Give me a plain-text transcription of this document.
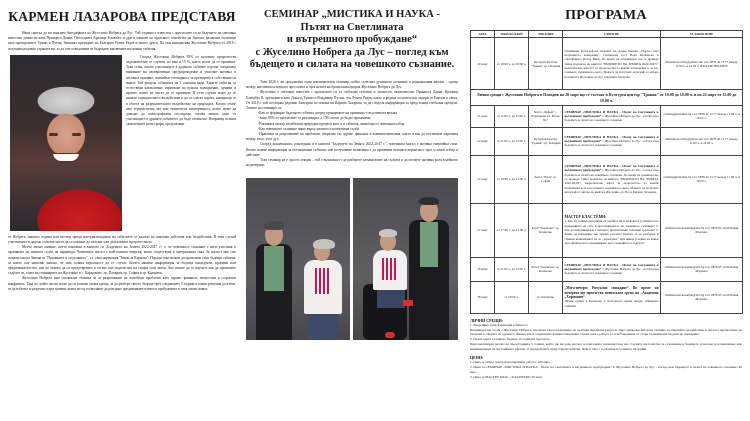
КАРМЕН ЛАЗАРОВА ПРЕДСТАВЯ

Няма смисъл да ви описвам биографията на Жуселино Нобрега да Лус. Той отдавна е известен с прогнозите си за бъдещето на световно известни личности като Принцеса Даяна, Последната Кралица Елизабет и други членове на кралското семейство на Англия, различни политици като президентите Тръмп и Путин, бившият президент на България Румен Радев и много други. По моя инициатива Жуселино Нобрега от 2018 г посещава редовно страната ни, за да сме осведомени за бъдещите изключително важни събития.

Според Жуселино Нобрега 85% от неговите пророчества задължително се случват, но има и 15 %, които могат да се променят. Това става, когато участниците в даденото събитие отделят специално внимание на своевременно предупреждение и участват активно в неговата промяна, поемайки отговорност за промените в собствения си живот. Той разделя събитията на 2 основни вида. Едните събития са естествени катаклизми: изригване на вулкан, наводнение, цунами и прочие, които не могат да се променят. В тези случаи може да се намали отрицателното въздействие и да се спасят хората, намиращи се в обсега на разрушителното въздействие на природата. Когато обаче има терористичен акт или техническа неизправност, които може да доведат до катастрофални последици, тогава зависи само от участниците в драмата събитието да бъде отменено. Например всички самолетните катастрофи, предсказани

от Нобрега, няколко години или месеци преди материализацията на събитието се дължат на човешки действия или бездействия. В този случай участниците в дадено събитие могат да се откажат да пътуват или да изпълнят пророчеството.

Моето лично мнение, което изказвам в книгата си „Бъдещето на Земята 2022-2047 г.“ е, че човешкото съзнание с неги участник в промяната на личната съдба на индивида. Човешката мисъл е най-силната енергия, която съществува в материалния свят. За жалост ние сме подвластни на Закона за "Причината и следствието", т.е. така наречения "Закон за Кармата". Поради това можем да променим само бъдещи събития, за които сме напълно наясно, че има голяма вероятност да се случат. Когато нямаме информация за бъдещи инциденти, промени или предизвикателства, ние не можем да ги предотвратим и тогава сме подвластни на същия този закон. Ако искате да се научите как да промените съдбата си, елате на семинарите на Жуселино в с. Караджово, гр. Пловдив, гр. София и гр. Казанлък.

Жуселино Нобрега има специална техника за за разрешаване на житейски проблеми като здраве, финанси, личностни и социални конфликти. Така че, който желае може да си запише лична среща, за да разбере своето бъдеще през следващите 5 години и какви решения да вземе, за да избегне и разреши стари травми, които не му позволяват да разгърне предизвикателствата в пробудените в своя личен живот.

СЕМИНАР „МИСТИКА И НАУКА -
Пътят на Светлината
и вътрешното пробуждане“
с Жуселино Нобрега да Лус – поглед към
бъдещето и силата на човешкото съзнание.

Тази 2026 г. ви предлагаме един изключителен семинар, който съчетава духовното познание и рационалния анализ – среща между мистиката и науката чрез опита и прогнозите на бразилския пророк Жуселино Нобрега да Лус.

Жуселино е световно известен с прогнозите си за глобални събития и личности, включително Принцеса Даяна, Кралица Елизабет II, президенти като Доналд Тръмп и Владимир Путин, ген. Румен Радев, както и редица политически лидери от Европа и света. От 2018 г. той посещава редовно България по покана на Кармен Лазарова, за да споделя информация за предстоящи глобални процеси. Темите на семинара са:

-Как се формират бъдещите събития според принципите на причинно-следствената връзка

-Защо 85% от прогнозите се реализират, а 15% могат да бъдат променени

-Разликата между неизбежни природни процеси като и и събития, зависещи от човешкия избор

-Как човешкото съзнание пише върху личната и колективна съдба

-Практики за разрешаване на проблеми, свързани със здраве, финанси и взаимоотношения, както и как да постигнем хармония между тяло, ум и дух.

Според концепцията, разгледана и в книгата "Бъдещето на Земята 2022–2047 г.", човешката мисъл е активна енергийна сила. Когато имаме информация за потенциални събития, ние получаваме възможност да променим неговата вероятност чрез осъзнат избор и действие.

Този семинар не е просто лекция – той е възможност да разберете механизмите на съдбата и да поемете активна роля в нейното моделиране.

ПРОГРАМА
ДАТА	НАЧАЛО-КРАЙ	ЛОКАЦИЯ	СЪБИТИЕ	ЗА ЗАПИСВАНЕ
20 март	от 18:00 ч. до 20:00 ч.	Културен Център "Тракия" гр. Пловдив	Откриване фотографска изложба на Донка Кирова „Портал към вътрешното измерение“. Специален гост Валя Балканска и саксофонист Петър Вион. По време на откриването ще се проведе тайна подписка на книгата "БЪДЕЩЕТО НА ЗЕМЯТА 2022-2047г" включително картата за пророчества за важни катаклизми и за по-големите държави на света. Можете да получите автограф от автора на книгата Жуселино да Лус и Кармен Лазарова.	zhuslani.plovdiv@gmail.com тел: 0878 42 13 77 между 11.00 ч. и 16.00 ч. ВХОД БЕЗПЛАТЕН
Лични срещи с Жуселино Нобрега в Пловдив на 20 март ще се състоят в Културен център "Тракия" от 10.00 до 18.00 ч. и на 22 март от 15.00 до 18.00 ч.				
21 март	от 11:00 ч. до 15:00 ч.	Хотел „Орфей“ с. Караджово ул. Втора №7	СЕМИНАР „МИСТИКА И НАУКА - Пътят на Светлината и вътрешното пробуждане“ с Жуселино Нобрега да Лус - поглед към бъдещето и силата на човешкото съзнание.	carmen@globalnet.bg тел: 0878 42 13 77 между 11.00 ч. и 16.00 ч.
22 март	от 11:00 ч. до 15:00 ч.	Културен Център "Тракия", гр. Пловдив	СЕМИНАР „МИСТИКА И НАУКА - Пътят на Светлината и вътрешното пробуждане“ с Жуселино Нобрега да Лус - поглед към бъдещето и силата на човешкото съзнание.	zhuslani.plovdiv@gmail.com тел: 0878 42 13 77 между 11.00 ч. и 16.00 ч.
24 март	от 18:30 ч. до 21:00 ч.	Хотел "Рила" гр. София	СЕМИНАР „МИСТИКА И НАУКА - Пътят на Светлината и вътрешното пробуждане“ с Жуселино Нобрега да Лус - поглед към бъдещето и силата на човешкото съзнание. По време на семинара ще се проведе тайна подписка на книгата "БЪДЕЩЕТО НА ЗЕМЯТА 2022-2047г", включително карта за пророчества за важни катаклизми и за по-големите държави на света. Можете да получите автограф от автора на книгата Жуселино да Лус и Кармен Лазарова.	carmen@globalnet.bg тел: 0878 42 13 77 между 11.00 ч. и 16.00 ч.
27 март	от 17:00 ч. до 21:00 ч.	Клуб "Хоризонт" гр. Казанлък	МАСТЕР КЛАС ТЕМИ:
1. Как да развием интуиция си дарбите ни и изпреки в успешната на превенцията на себе и прогнозирането на човешкото съзнание? 2. Как да комуникираме с висшето предсказание съзнание и ангели? 3. Какво да направим, ако чуваме гласове? Кратко, за да разберем и сменим концепцията си за „зараждане“ при някои условия на извън тяло физическото преживяване чрез съзнанието в съдбата?	clubhorizont.kazanlak@abv.bg тел: 0878 95 14 66 Юлия Мърчева
28 март	от 11:00 ч. до 15:00 ч.	Хотел "Казанлък" гр. Казанлък	СЕМИНАР „МИСТИКА И НАУКА - Пътят на Светлината и вътрешното пробуждане“ С Жуселино Нобрега да Лус - поглед към бъдещето и силата на човешкото съзнание.	clubhorizont.kazanlak@abv.bg тел: 0878 95 14 66 Юлия Мърчева
28 март	от 19:00 ч.	гр. Казанлък	„Мега-вечеря: Ритуално свиждане“ По време на вечерята ще присъства певческата група на „Академия „Хармония“.
Лични срещи в Казанлък в свободното време между обявените събития.	clubhorizont.kazanlak@abv.bg тел: 0878 95 14 66 Юлия Мърчева
ЛИЧНИ СРЕЩИ:

1. Енергийна трансформация в бизнеса:

Индивидуална сесия с Жуселино Нобрега, насочена към разрешаване на дълбоки житейски въпроси. Чрез уникална авторска техника за енергийно въздействие и чистота пречистване на блокажи в сферата на здравето, финансите и социалните взаимоотношения. Освен това е работа за освобождаване от стари травматични модели на поведение.

2. Пътна карта за вашето бъдеще 15-годишна прогноза:

Персонализиран анализ на предстоящите 5 години, който ще ви даде насока за ключовите решения пред вас. Сесията ще помогне за осъзнаване в бъдещето и насоки за разрешаване или минимизиране на негативните ефекти от определените предстоящи събития. Освен това с тълкуване на ранните ситуации.

ЦЕНИ:

1. Цена за лична среща или енергийна работа: 100 евро

2. Цена за СЕМИНАР „МИСТИКА И НАУКА - Пътят на Светлината и вътрешното пробуждане“ С Жуселино Нобрега да Лус – поглед към бъдещето и силата на човешкото съзнание: 40 евро

3. Цена за МАСТЕР КЛАС - КАЗАНЛЪК: 50 евро
